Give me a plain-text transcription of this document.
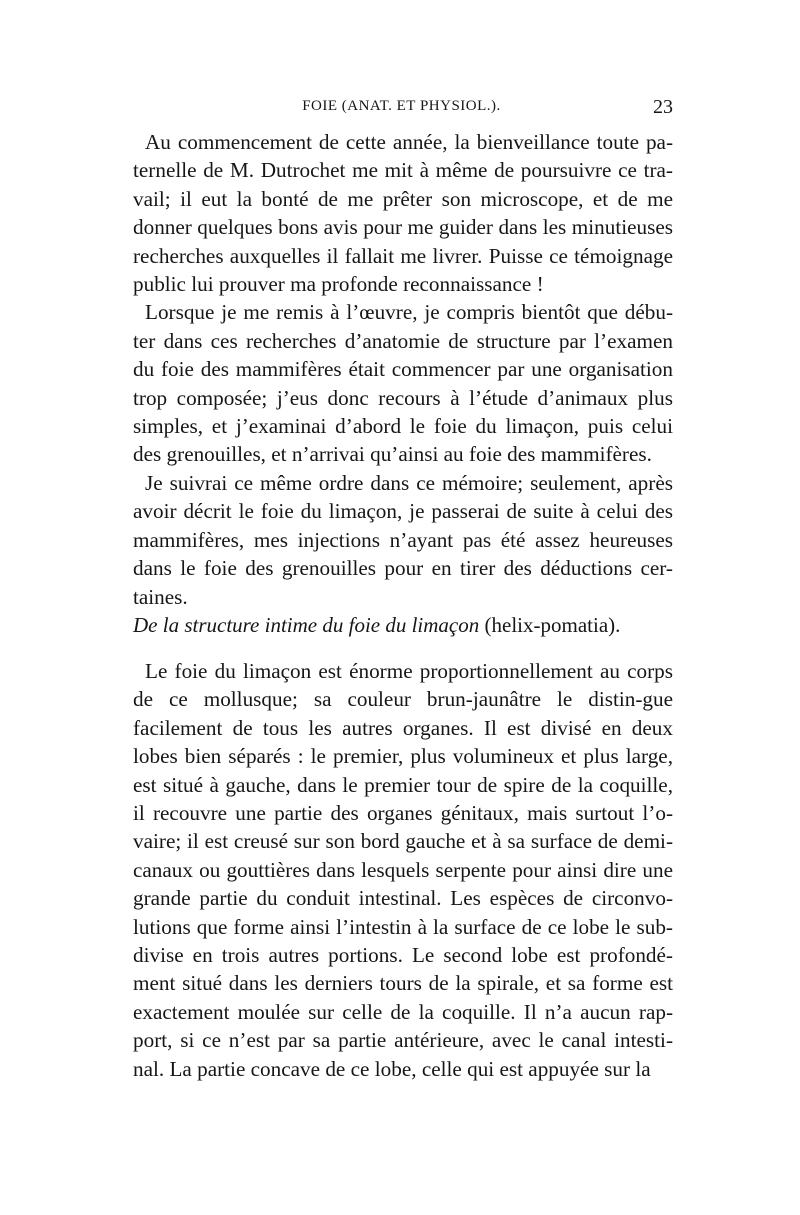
FOIE (ANAT. ET PHYSIOL.).	23

Au commencement de cette année, la bienveillance toute pa-ternelle de M. Dutrochet me mit à même de poursuivre ce tra-vail; il eut la bonté de me prêter son microscope, et de me donner quelques bons avis pour me guider dans les minutieuses recherches auxquelles il fallait me livrer. Puisse ce témoignage public lui prouver ma profonde reconnaissance !

Lorsque je me remis à l’œuvre, je compris bientôt que débu-ter dans ces recherches d’anatomie de structure par l’examen du foie des mammifères était commencer par une organisation trop composée; j’eus donc recours à l’étude d’animaux plus simples, et j’examinai d’abord le foie du limaçon, puis celui des grenouilles, et n’arrivai qu’ainsi au foie des mammifères.

Je suivrai ce même ordre dans ce mémoire; seulement, après avoir décrit le foie du limaçon, je passerai de suite à celui des mammifères, mes injections n’ayant pas été assez heureuses dans le foie des grenouilles pour en tirer des déductions cer-taines.

De la structure intime du foie du limaçon (helix-pomatia).

Le foie du limaçon est énorme proportionnellement au corps de ce mollusque; sa couleur brun-jaunâtre le distin-gue facilement de tous les autres organes. Il est divisé en deux lobes bien séparés : le premier, plus volumineux et plus large, est situé à gauche, dans le premier tour de spire de la coquille, il recouvre une partie des organes génitaux, mais surtout l’o-vaire; il est creusé sur son bord gauche et à sa surface de demi-canaux ou gouttières dans lesquels serpente pour ainsi dire une grande partie du conduit intestinal. Les espèces de circonvo-lutions que forme ainsi l’intestin à la surface de ce lobe le sub-divise en trois autres portions. Le second lobe est profondé-ment situé dans les derniers tours de la spirale, et sa forme est exactement moulée sur celle de la coquille. Il n’a aucun rap-port, si ce n’est par sa partie antérieure, avec le canal intesti-nal. La partie concave de ce lobe, celle qui est appuyée sur la
